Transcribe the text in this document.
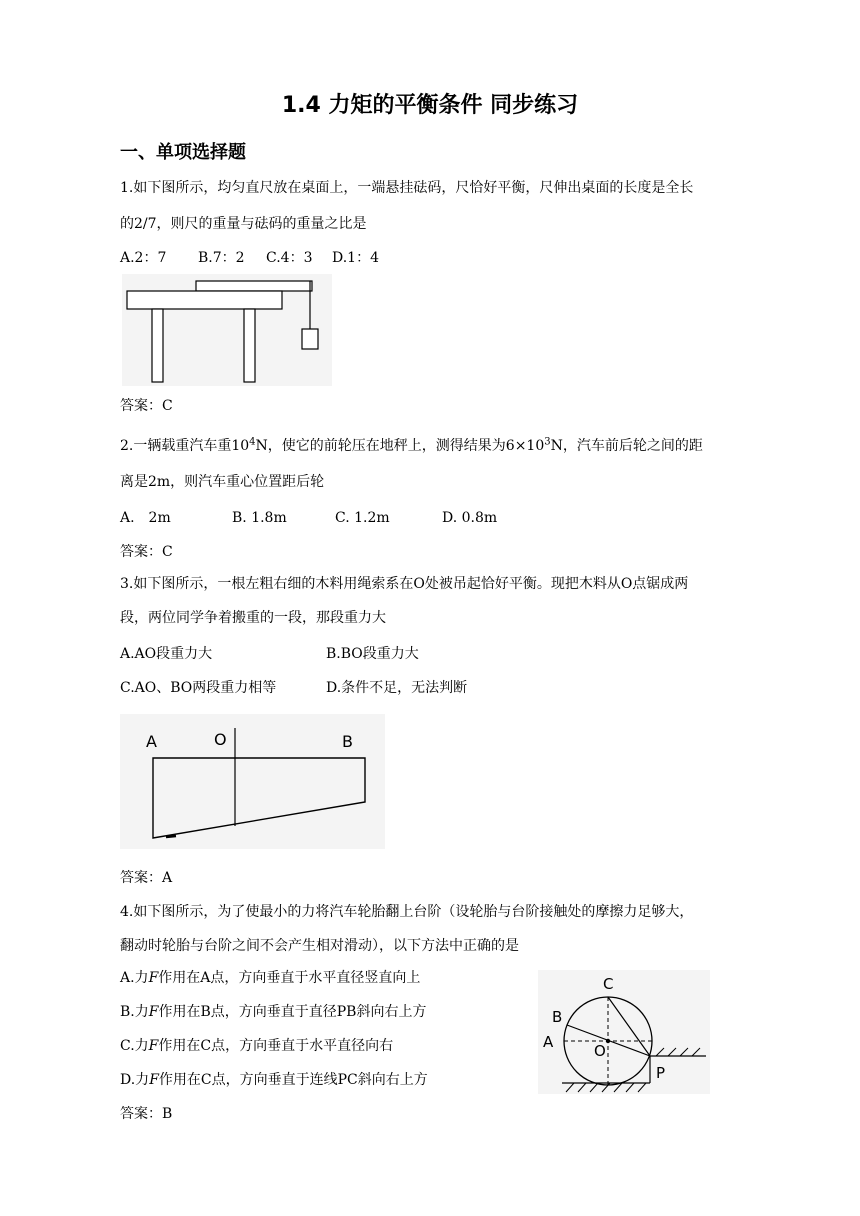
1.4 力矩的平衡条件 同步练习
一、单项选择题
1.如下图所示，均匀直尺放在桌面上，一端悬挂砝码，尺恰好平衡，尺伸出桌面的长度是全长
的2/7，则尺的重量与砝码的重量之比是
A.2：7 B.7：2 C.4：3 D.1：4
答案：C
2.一辆载重汽车重$10^4N$，使它的前轮压在地秤上，测得结果为$6\times 10^3N$，汽车前后轮之间的距
离是2m，则汽车重心位置距后轮
A.　2m	B. 1.8m	C. 1.2m	D. 0.8m
答案：C
3.如下图所示，一根左粗右细的木料用绳索系在O处被吊起恰好平衡。现把木料从O点锯成两
段，两位同学争着搬重的一段，那段重力大
A.AO段重力大	B.BO段重力大
C.AO、BO两段重力相等	D.条件不足，无法判断
A	O	B
答案：A
4.如下图所示，为了使最小的力将汽车轮胎翻上台阶（设轮胎与台阶接触处的摩擦力足够大，
翻动时轮胎与台阶之间不会产生相对滑动），以下方法中正确的是
A.力F作用在A点，方向垂直于水平直径竖直向上
B.力F作用在B点，方向垂直于直径PB斜向右上方
C.力F作用在C点，方向垂直于水平直径向右
D.力F作用在C点，方向垂直于连线PC斜向右上方
C
B
A	O
P
答案：B
